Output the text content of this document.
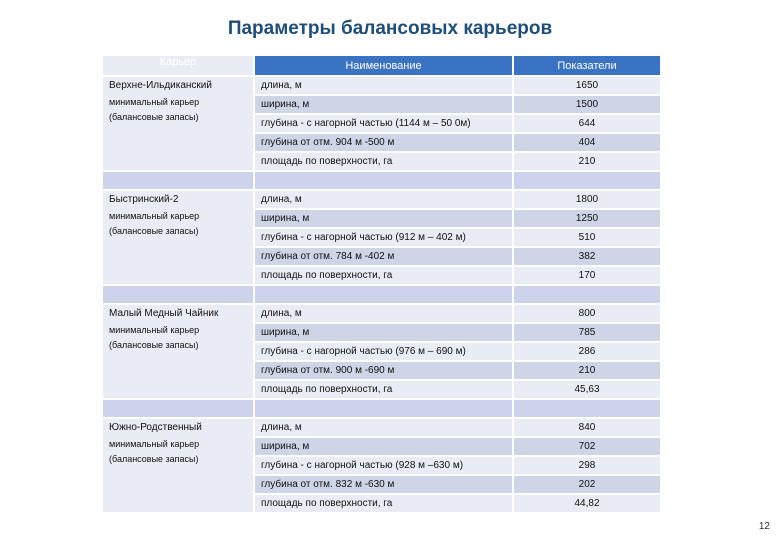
Параметры балансовых карьеров
Карьер	Наименование	Показатели

Верхне-Ильдиканский
минимальный карьер
(балансовые запасы)	длина, м	1650
	ширина, м	1500
	глубина - с нагорной частью (1144 м – 50 0м)	644
	глубина от отм. 904 м -500 м	404
	площадь по поверхности, га	210

Быстринский-2
минимальный карьер
(балансовые запасы)	длина, м	1800
	ширина, м	1250
	глубина - с нагорной частью (912 м – 402 м)	510
	глубина от отм. 784 м -402 м	382
	площадь по поверхности, га	170

Малый Медный Чайник
минимальный карьер
(балансовые запасы)	длина, м	800
	ширина, м	785
	глубина - с нагорной частью (976 м – 690 м)	286
	глубина от отм. 900 м -690 м	210
	площадь по поверхности, га	45,63

Южно-Родственный
минимальный карьер
(балансовые запасы)	длина, м	840
	ширина, м	702
	глубина - с нагорной частью (928 м –630 м)	298
	глубина от отм. 832 м -630 м	202
	площадь по поверхности, га	44,82
12
